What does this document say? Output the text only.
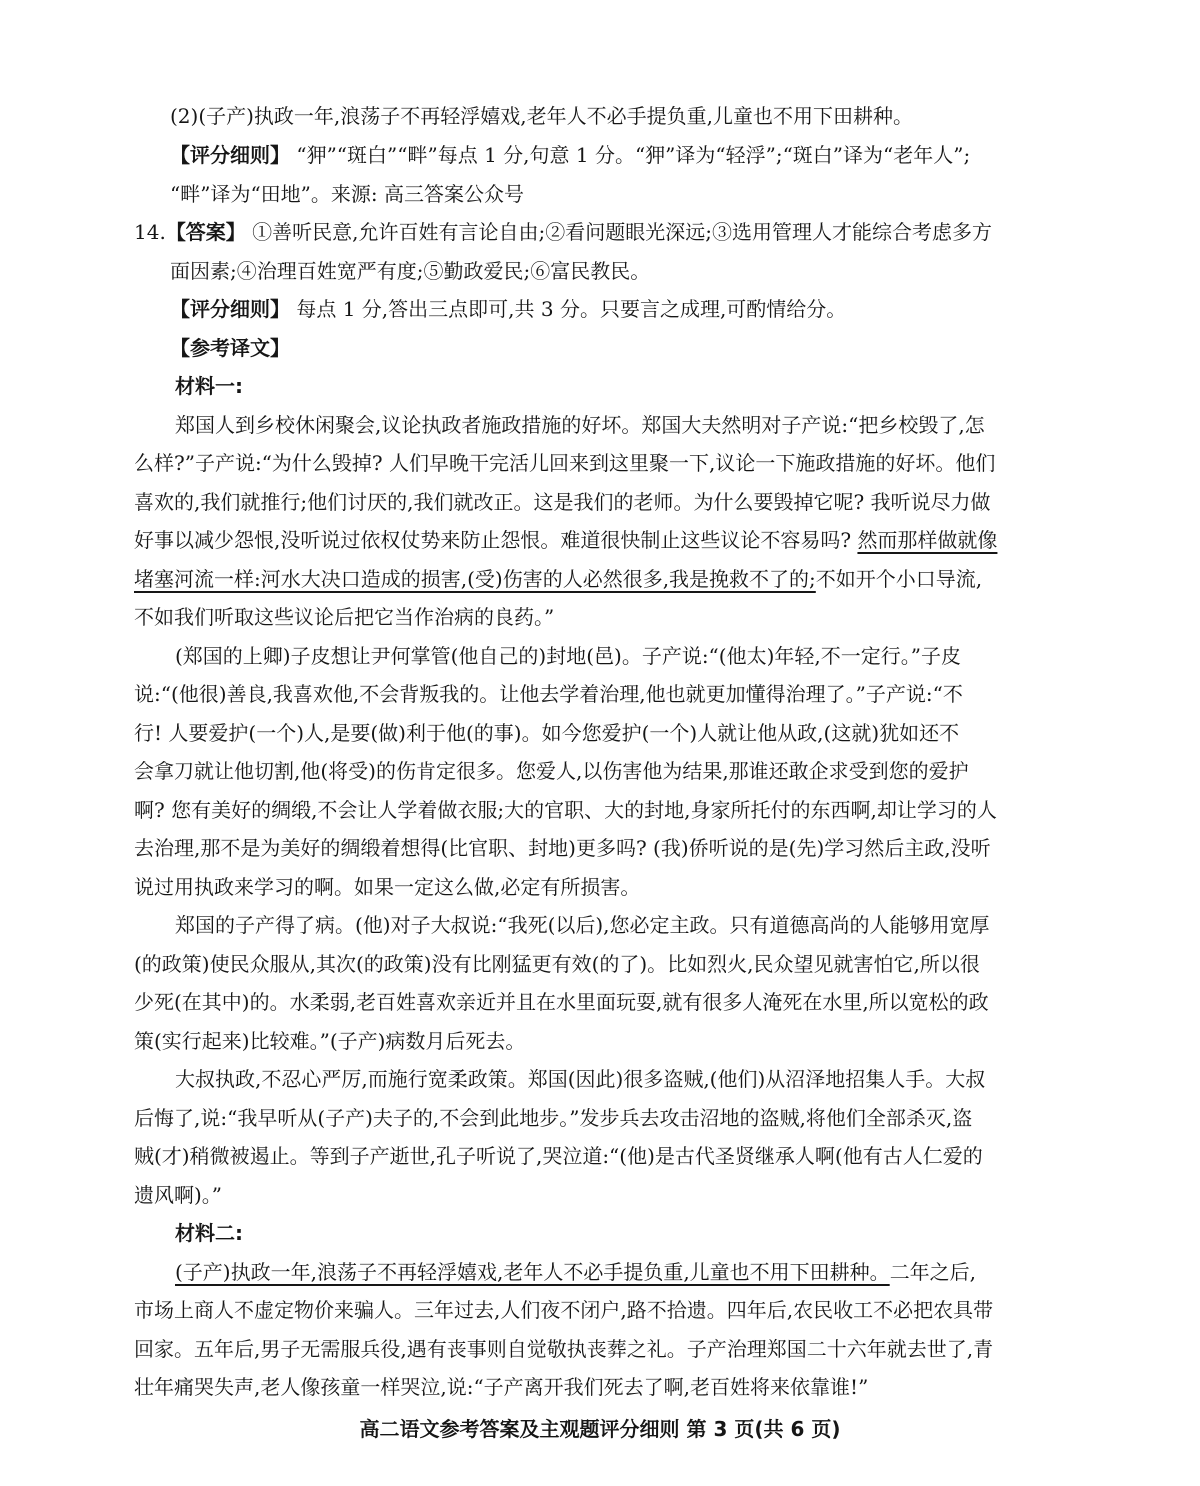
(2)(子产)执政一年,浪荡子不再轻浮嬉戏,老年人不必手提负重,儿童也不用下田耕种。
【评分细则】 “狎”“斑白”“畔”每点 1 分,句意 1 分。“狎”译为“轻浮”;“斑白”译为“老年人”;
“畔”译为“田地”。来源: 高三答案公众号
14.【答案】 ①善听民意,允许百姓有言论自由;②看问题眼光深远;③选用管理人才能综合考虑多方
面因素;④治理百姓宽严有度;⑤勤政爱民;⑥富民教民。
【评分细则】 每点 1 分,答出三点即可,共 3 分。只要言之成理,可酌情给分。
【参考译文】
材料一:
郑国人到乡校休闲聚会,议论执政者施政措施的好坏。郑国大夫然明对子产说:“把乡校毁了,怎
么样?”子产说:“为什么毁掉? 人们早晚干完活儿回来到这里聚一下,议论一下施政措施的好坏。他们
喜欢的,我们就推行;他们讨厌的,我们就改正。这是我们的老师。为什么要毁掉它呢? 我听说尽力做
好事以减少怨恨,没听说过依权仗势来防止怨恨。难道很快制止这些议论不容易吗? 然而那样做就像
堵塞河流一样:河水大决口造成的损害,(受)伤害的人必然很多,我是挽救不了的;不如开个小口导流,
不如我们听取这些议论后把它当作治病的良药。”
(郑国的上卿)子皮想让尹何掌管(他自己的)封地(邑)。子产说:“(他太)年轻,不一定行。”子皮
说:“(他很)善良,我喜欢他,不会背叛我的。让他去学着治理,他也就更加懂得治理了。”子产说:“不
行! 人要爱护(一个)人,是要(做)利于他(的事)。如今您爱护(一个)人就让他从政,(这就)犹如还不
会拿刀就让他切割,他(将受)的伤肯定很多。您爱人,以伤害他为结果,那谁还敢企求受到您的爱护
啊? 您有美好的绸缎,不会让人学着做衣服;大的官职、大的封地,身家所托付的东西啊,却让学习的人
去治理,那不是为美好的绸缎着想得(比官职、封地)更多吗? (我)侨听说的是(先)学习然后主政,没听
说过用执政来学习的啊。如果一定这么做,必定有所损害。
郑国的子产得了病。(他)对子大叔说:“我死(以后),您必定主政。只有道德高尚的人能够用宽厚
(的政策)使民众服从,其次(的政策)没有比刚猛更有效(的了)。比如烈火,民众望见就害怕它,所以很
少死(在其中)的。水柔弱,老百姓喜欢亲近并且在水里面玩耍,就有很多人淹死在水里,所以宽松的政
策(实行起来)比较难。”(子产)病数月后死去。
大叔执政,不忍心严厉,而施行宽柔政策。郑国(因此)很多盗贼,(他们)从沼泽地招集人手。大叔
后悔了,说:“我早听从(子产)夫子的,不会到此地步。”发步兵去攻击沼地的盗贼,将他们全部杀灭,盗
贼(才)稍微被遏止。等到子产逝世,孔子听说了,哭泣道:“(他)是古代圣贤继承人啊(他有古人仁爱的
遗风啊)。”
材料二:
(子产)执政一年,浪荡子不再轻浮嬉戏,老年人不必手提负重,儿童也不用下田耕种。二年之后,
市场上商人不虚定物价来骗人。三年过去,人们夜不闭户,路不拾遗。四年后,农民收工不必把农具带
回家。五年后,男子无需服兵役,遇有丧事则自觉敬执丧葬之礼。子产治理郑国二十六年就去世了,青
壮年痛哭失声,老人像孩童一样哭泣,说:“子产离开我们死去了啊,老百姓将来依靠谁!”
高二语文参考答案及主观题评分细则 第 3 页(共 6 页)
